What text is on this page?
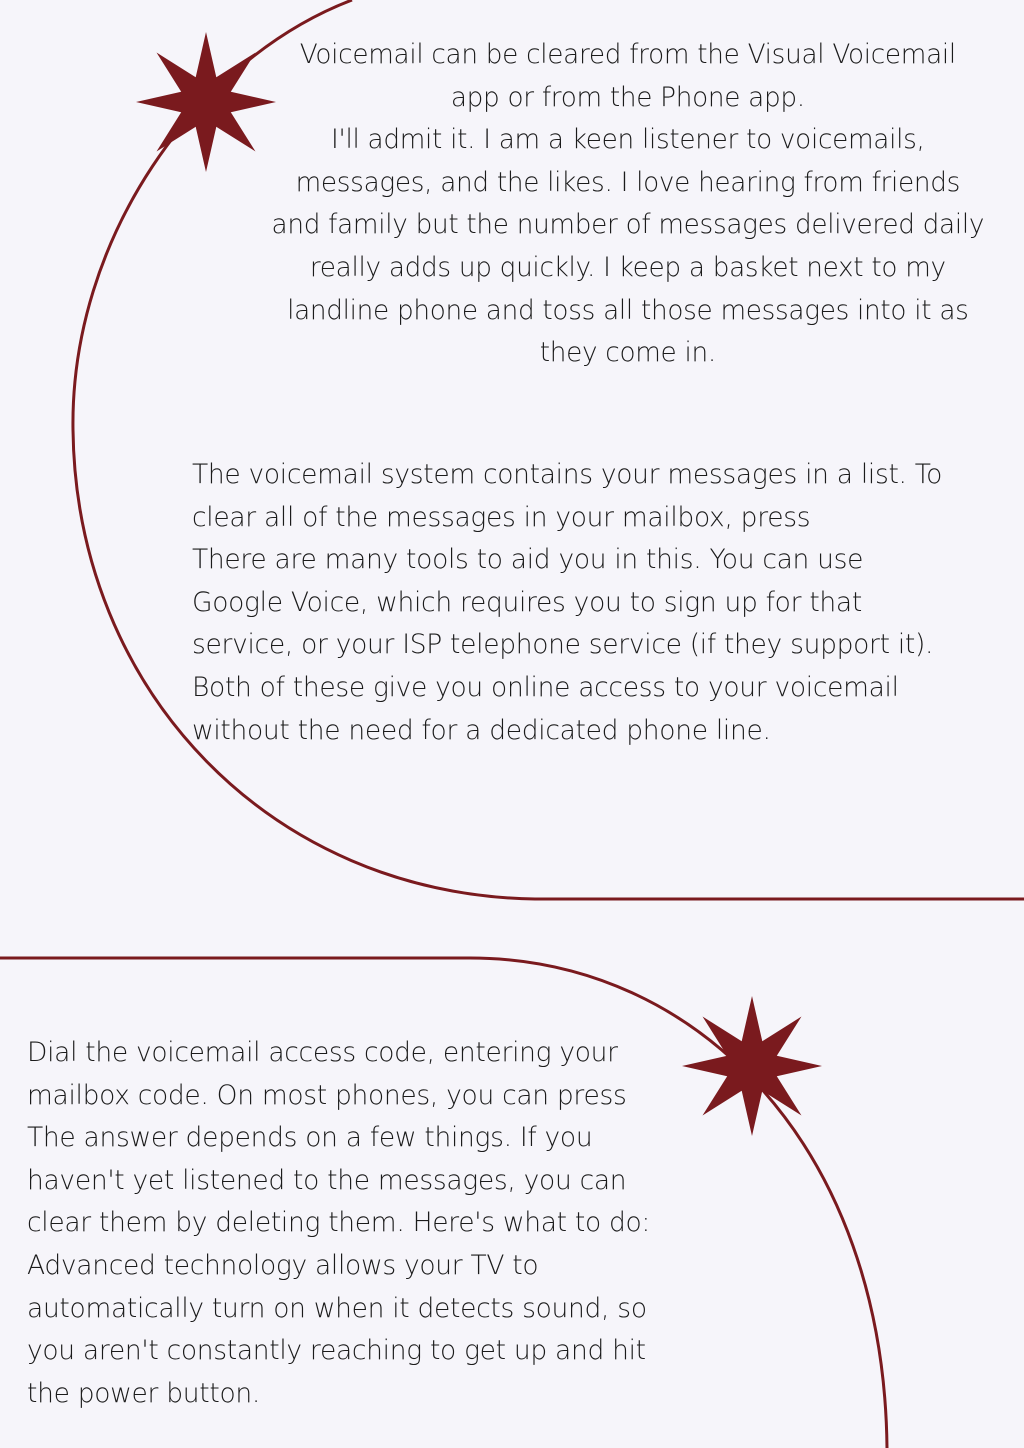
Voicemail can be cleared from the Visual Voicemail
app or from the Phone app.
I'll admit it. I am a keen listener to voicemails,
messages, and the likes. I love hearing from friends
and family but the number of messages delivered daily
really adds up quickly. I keep a basket next to my
landline phone and toss all those messages into it as
they come in.

The voicemail system contains your messages in a list. To
clear all of the messages in your mailbox, press
There are many tools to aid you in this. You can use
Google Voice, which requires you to sign up for that
service, or your ISP telephone service (if they support it).
Both of these give you online access to your voicemail
without the need for a dedicated phone line.

Dial the voicemail access code, entering your
mailbox code. On most phones, you can press
The answer depends on a few things. If you
haven't yet listened to the messages, you can
clear them by deleting them. Here's what to do:
Advanced technology allows your TV to
automatically turn on when it detects sound, so
you aren't constantly reaching to get up and hit
the power button.
